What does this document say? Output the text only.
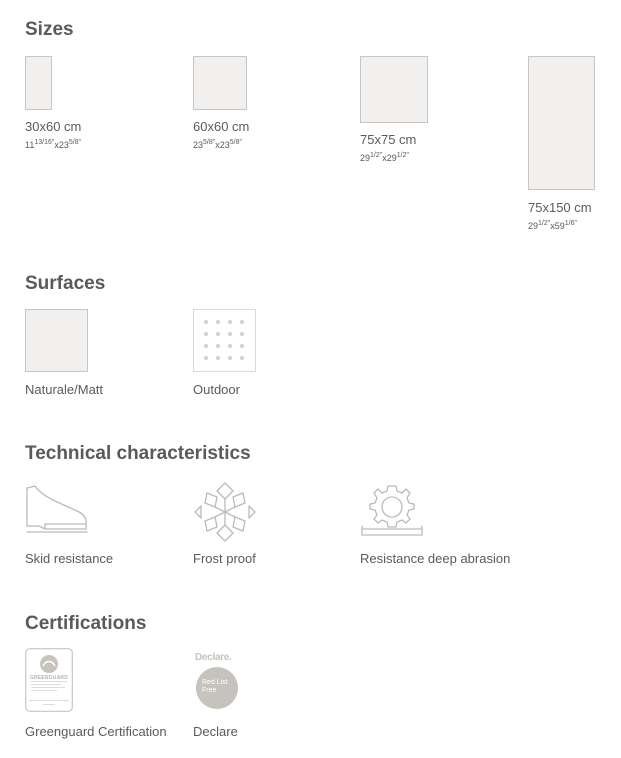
Sizes
30x60 cm
$11^{13/16"}x23^{5/8"}$
60x60 cm
$23^{5/8"}x23^{5/8"}$	75x75 cm
$29^{1/2"}x29^{1/2"}$
75x150 cm
$29^{1/2"}x59^{1/6"}$
Surfaces
Naturale/Matt	Outdoor
Technical characteristics
Skid resistance	Frost proof	Resistance deep abrasion
Certifications
GREENGUARD
Greenguard Certification
Declare.
Red List
Free
Declare
